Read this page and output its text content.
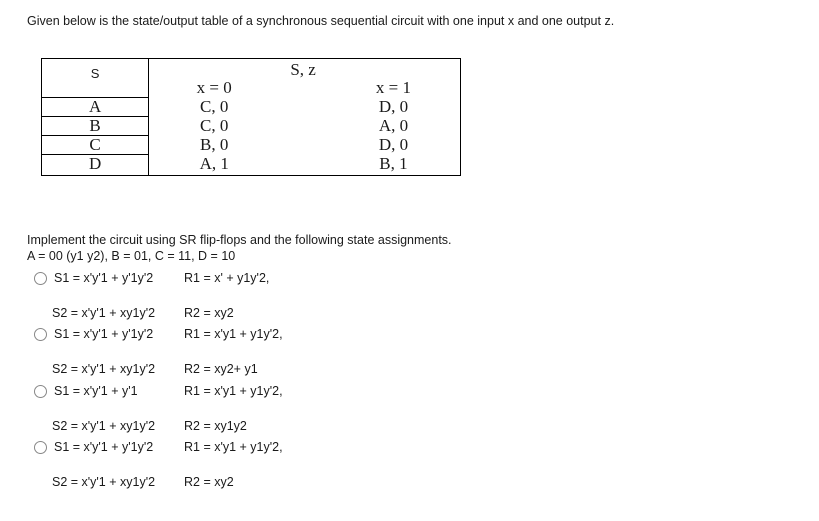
Given below is the state/output table of a synchronous sequential circuit with one input x and one output z.
S		S, z	
	x = 0		x = 1
A	C, 0		D, 0
B	C, 0		A, 0
C	B, 0		D, 0
D	A, 1		B, 1
Implement the circuit using SR flip-flops and the following state assignments.
A = 00 (y1 y2), B = 01, C = 11, D = 10
S1 = x'y'1 + y'1y'2 R1 = x' + y1y'2,
S2 = x'y'1 + xy1y'2 R2 = xy2
S1 = x'y'1 + y'1y'2 R1 = x'y1 + y1y'2,
S2 = x'y'1 + xy1y'2 R2 = xy2+ y1
S1 = x'y'1 + y'1	R1 = x'y1 + y1y'2,
S2 = x'y'1 + xy1y'2 R2 = xy1y2
S1 = x'y'1 + y'1y'2 R1 = x'y1 + y1y'2,
S2 = x'y'1 + xy1y'2 R2 = xy2
